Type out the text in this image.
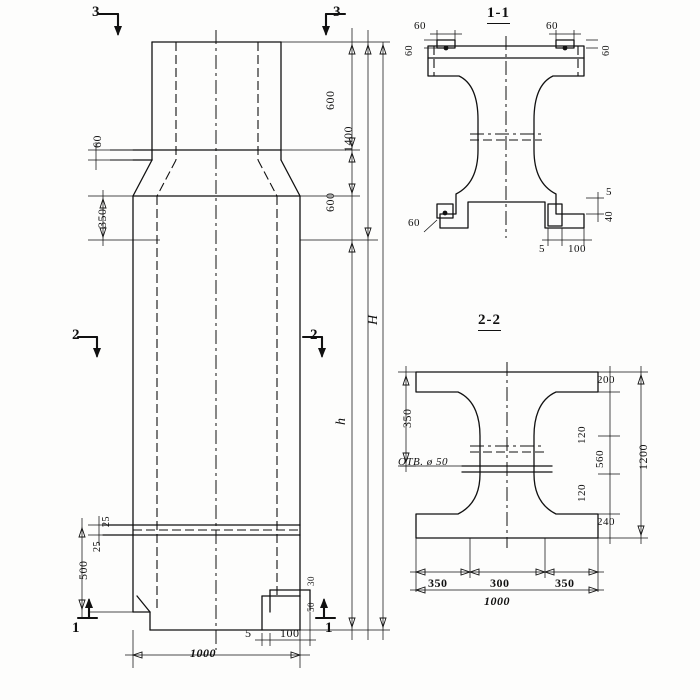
3	3
2	2
1	1
1-1
2-2
600
1400
600
350
60
H
h
25
25
500
1000
5 100
30
50
60	60
60	60
60
5
40
5 100
350
200
120
560
120
240
1200
OTB. ø 50
350	300	350
1000
